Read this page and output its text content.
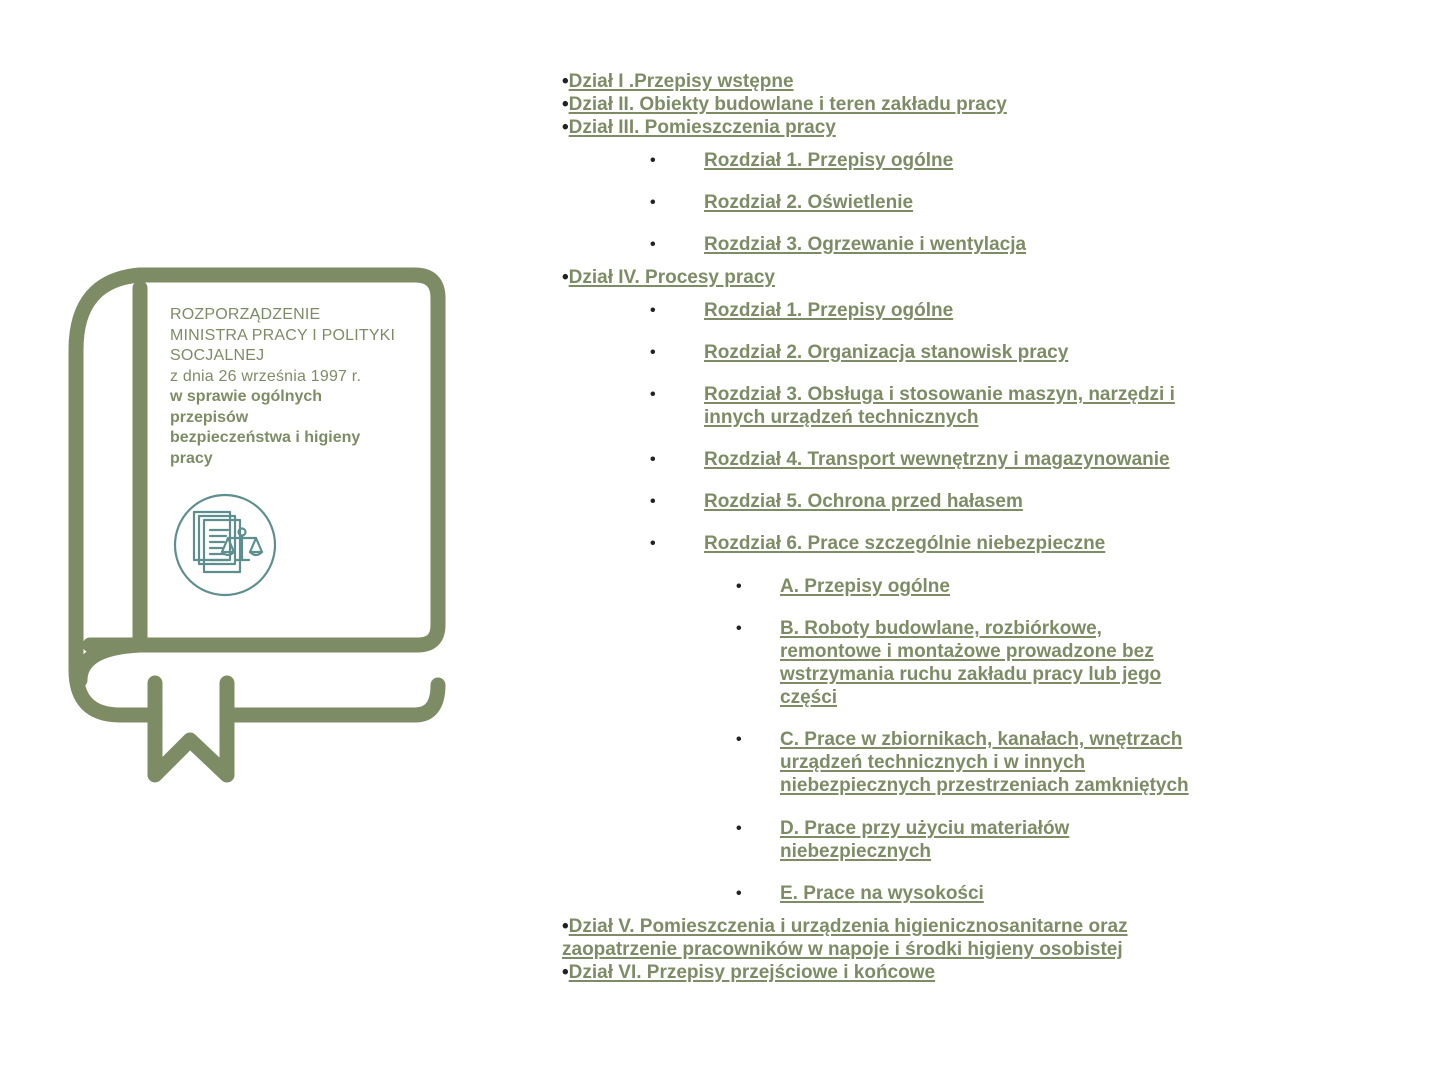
ROZPORZĄDZENIE
MINISTRA PRACY I POLITYKI
SOCJALNEJ
z dnia 26 września 1997 r.
w sprawie ogólnych
przepisów
bezpieczeństwa i higieny
pracy
•Dział I .Przepisy wstępne
•Dział II. Obiekty budowlane i teren zakładu pracy
•Dział III. Pomieszczenia pracy
•	Rozdział 1. Przepisy ogólne
•	Rozdział 2. Oświetlenie
•	Rozdział 3. Ogrzewanie i wentylacja
•Dział IV. Procesy pracy
•	Rozdział 1. Przepisy ogólne
•	Rozdział 2. Organizacja stanowisk pracy
•	Rozdział 3. Obsługa i stosowanie maszyn, narzędzi i
innych urządzeń technicznych
•	Rozdział 4. Transport wewnętrzny i magazynowanie
•	Rozdział 5. Ochrona przed hałasem
•	Rozdział 6. Prace szczególnie niebezpieczne
• A. Przepisy ogólne
• B. Roboty budowlane, rozbiórkowe,
remontowe i montażowe prowadzone bez
wstrzymania ruchu zakładu pracy lub jego
części
• C. Prace w zbiornikach, kanałach, wnętrzach
urządzeń technicznych i w innych
niebezpiecznych przestrzeniach zamkniętych
• D. Prace przy użyciu materiałów
niebezpiecznych
• E. Prace na wysokości
•Dział V. Pomieszczenia i urządzenia higienicznosanitarne oraz
zaopatrzenie pracowników w napoje i środki higieny osobistej
•Dział VI. Przepisy przejściowe i końcowe
